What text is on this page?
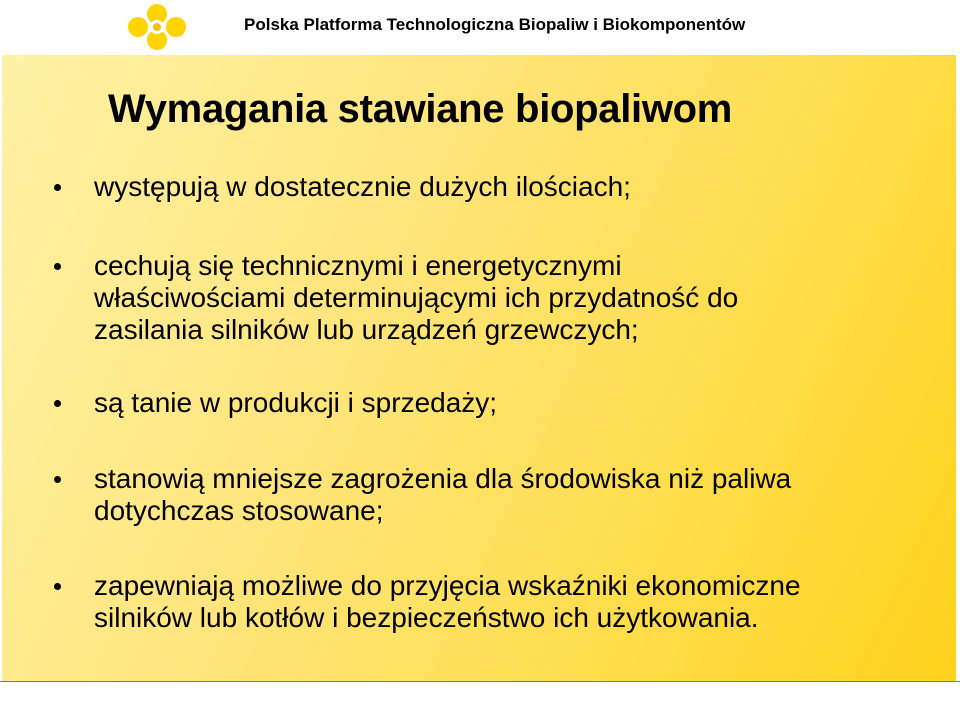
Polska Platforma Technologiczna Biopaliw i Biokomponentów
Wymagania stawiane biopaliwom
występują w dostatecznie dużych ilościach;
cechują się technicznymi i energetycznymi
właściwościami determinującymi ich przydatność do
zasilania silników lub urządzeń grzewczych;
są tanie w produkcji i sprzedaży;
stanowią mniejsze zagrożenia dla środowiska niż paliwa
dotychczas stosowane;
zapewniają możliwe do przyjęcia wskaźniki ekonomiczne
silników lub kotłów i bezpieczeństwo ich użytkowania.
